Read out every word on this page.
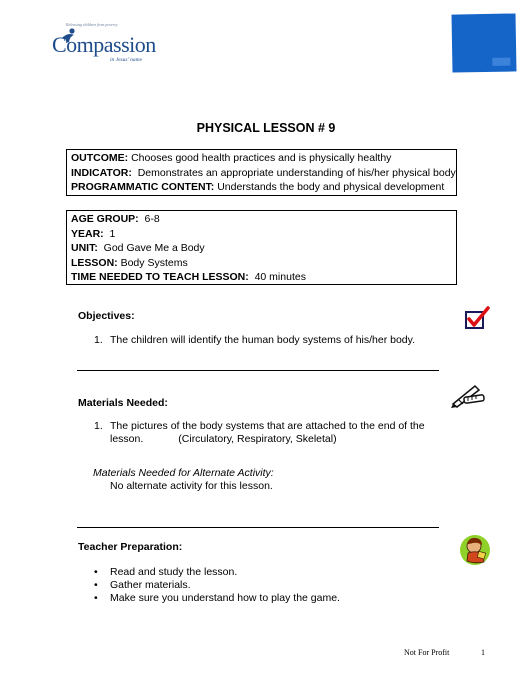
Releasing children from poverty
Compassion
in Jesus' name
PHYSICAL LESSON # 9
OUTCOME: Chooses good health practices and is physically healthy
INDICATOR:  Demonstrates an appropriate understanding of his/her physical body
PROGRAMMATIC CONTENT: Understands the body and physical development
AGE GROUP:  6-8
YEAR:  1
UNIT:  God Gave Me a Body
LESSON: Body Systems
TIME NEEDED TO TEACH LESSON:  40 minutes
Objectives:
1. The children will identify the human body systems of his/her body.
Materials Needed:
1. The pictures of the body systems that are attached to the end of the
lesson.            (Circulatory, Respiratory, Skeletal)
Materials Needed for Alternate Activity:
No alternate activity for this lesson.
Teacher Preparation:
•	Read and study the lesson.
•	Gather materials.
•	Make sure you understand how to play the game.
Not For Profit	1
